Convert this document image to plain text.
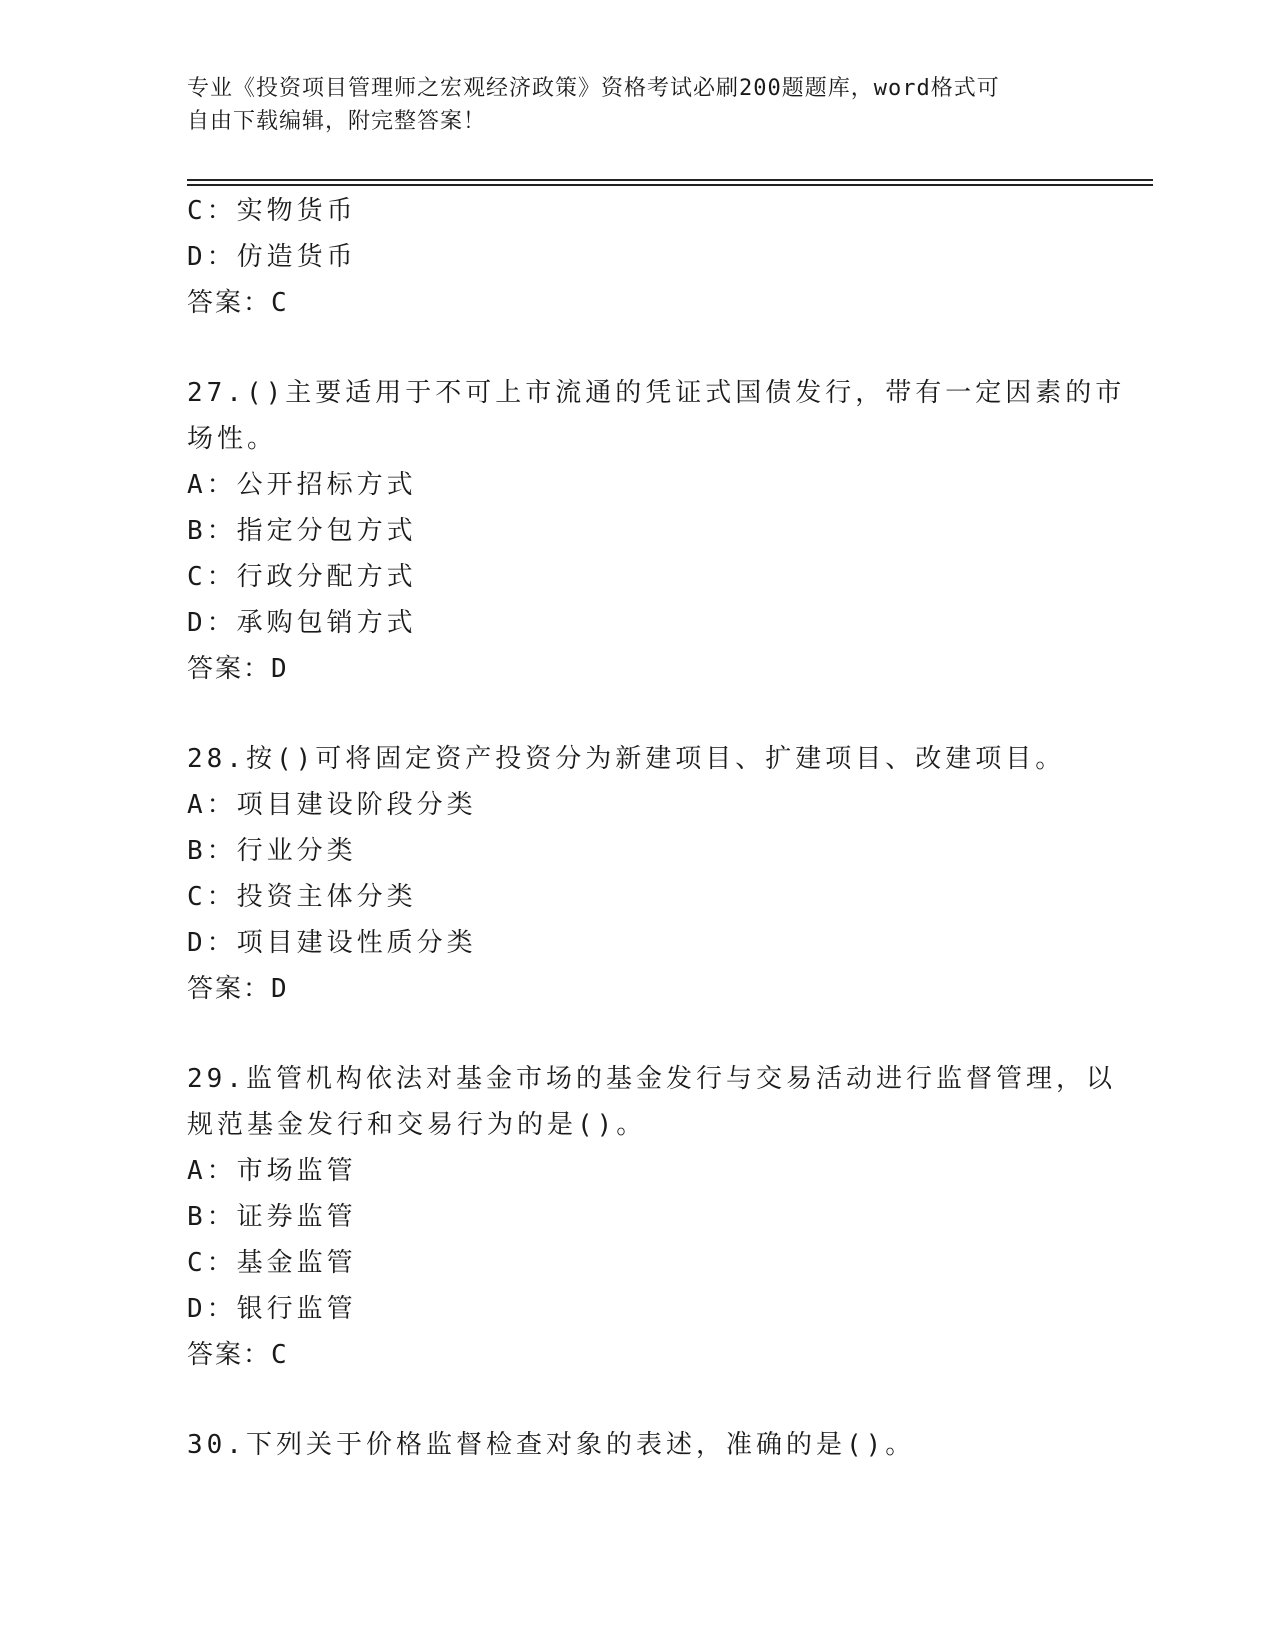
专业《投资项目管理师之宏观经济政策》资格考试必刷200题题库，word格式可
自由下载编辑，附完整答案！
C：实物货币
D：仿造货币
答案：C
27.()主要适用于不可上市流通的凭证式国债发行，带有一定因素的市
场性。
A：公开招标方式
B：指定分包方式
C：行政分配方式
D：承购包销方式
答案：D
28.按()可将固定资产投资分为新建项目、扩建项目、改建项目。
A：项目建设阶段分类
B：行业分类
C：投资主体分类
D：项目建设性质分类
答案：D
29.监管机构依法对基金市场的基金发行与交易活动进行监督管理，以
规范基金发行和交易行为的是()。
A：市场监管
B：证券监管
C：基金监管
D：银行监管
答案：C
30.下列关于价格监督检查对象的表述，准确的是()。
